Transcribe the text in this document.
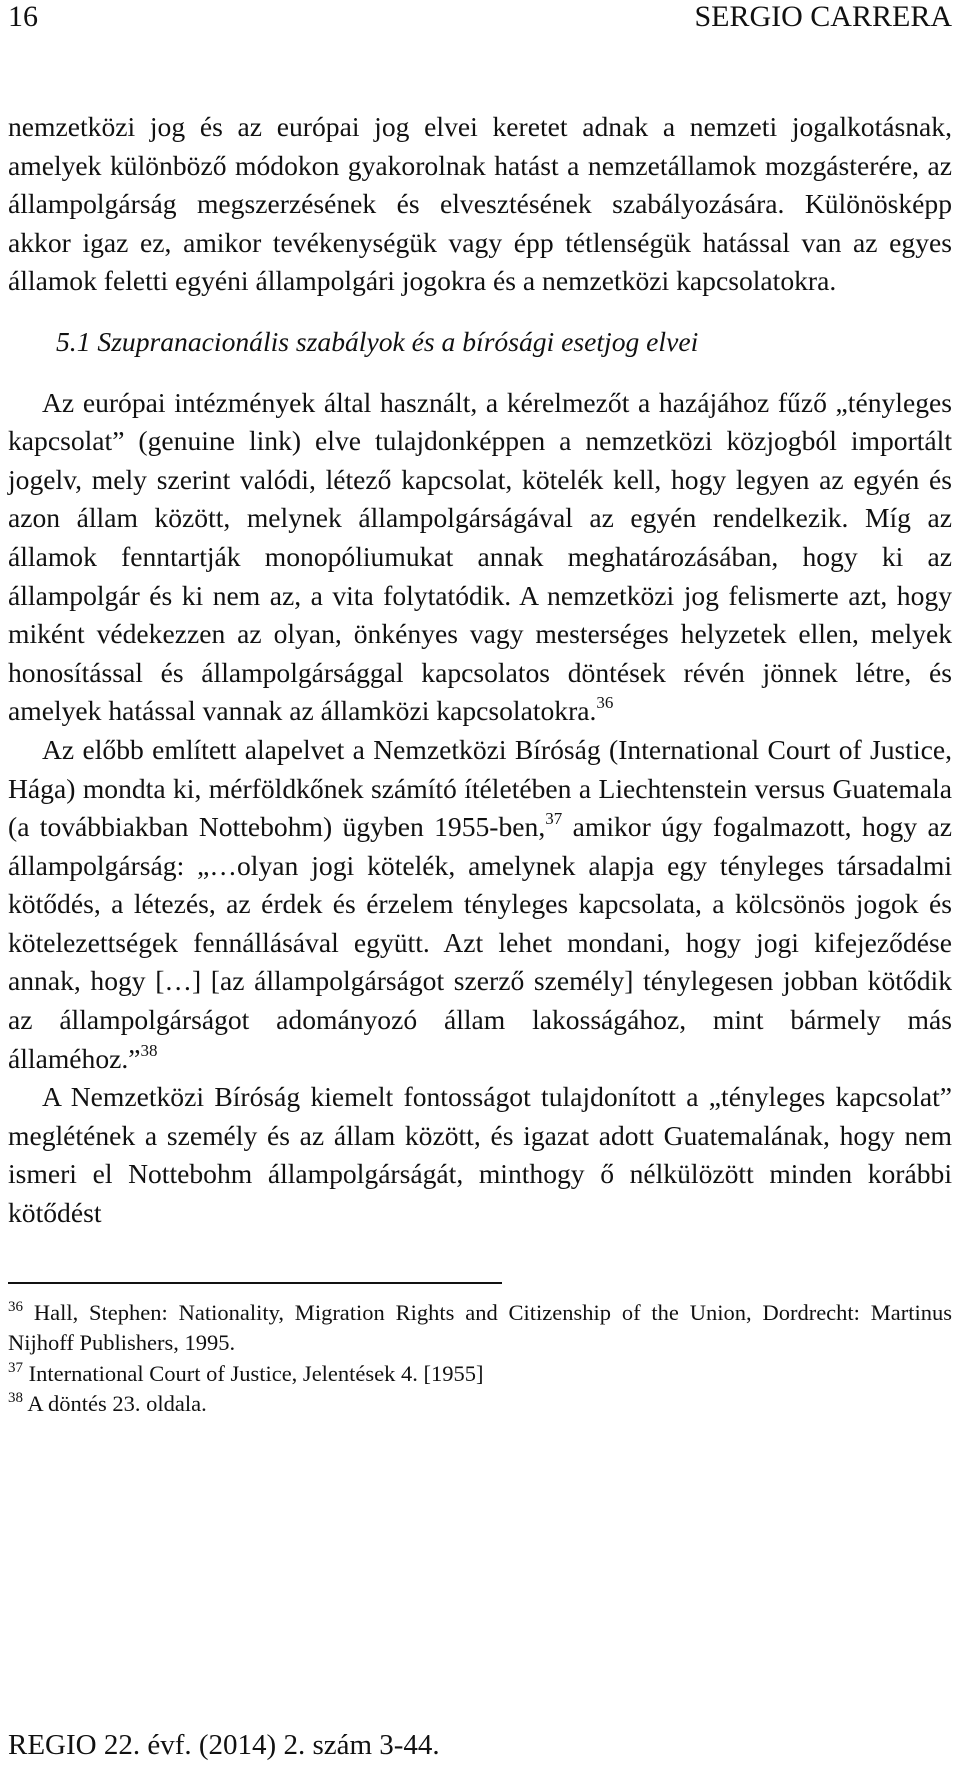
16	SERGIO CARRERA

nemzetközi jog és az európai jog elvei keretet adnak a nemzeti jogalkotásnak, amelyek különböző módokon gyakorolnak hatást a nemzetállamok mozgásterére, az állampolgárság megszerzésének és elvesztésének szabályozására. Különösképp akkor igaz ez, amikor tevékenységük vagy épp tétlenségük hatással van az egyes államok feletti egyéni állampolgári jogokra és a nemzetközi kapcsolatokra.

5.1 Szupranacionális szabályok és a bírósági esetjog elvei

Az európai intézmények által használt, a kérelmezőt a hazájához fűző „tényleges kapcsolat” (genuine link) elve tulajdonképpen a nemzetközi közjogból importált jogelv, mely szerint valódi, létező kapcsolat, kötelék kell, hogy legyen az egyén és azon állam között, melynek állampolgárságával az egyén rendelkezik. Míg az államok fenntartják monopóliumukat annak meghatározásában, hogy ki az állampolgár és ki nem az, a vita folytatódik. A nemzetközi jog felismerte azt, hogy miként védekezzen az olyan, önkényes vagy mesterséges helyzetek ellen, melyek honosítással és állampolgársággal kapcsolatos döntések révén jönnek létre, és amelyek hatással vannak az államközi kapcsolatokra.$^{36}$

Az előbb említett alapelvet a Nemzetközi Bíróság (International Court of Justice, Hága) mondta ki, mérföldkőnek számító ítéletében a Liechtenstein versus Guatemala (a továbbiakban Nottebohm) ügyben 1955-ben,$^{37}$ amikor úgy fogalmazott, hogy az állampolgárság: „…olyan jogi kötelék, amelynek alapja egy tényleges társadalmi kötődés, a létezés, az érdek és érzelem tényleges kapcsolata, a kölcsönös jogok és kötelezettségek fennállásával együtt. Azt lehet mondani, hogy jogi kifejeződése annak, hogy […] [az állampolgárságot szerző személy] ténylegesen jobban kötődik az állampolgárságot adományozó állam lakosságához, mint bármely más államéhoz.”$^{38}$

A Nemzetközi Bíróság kiemelt fontosságot tulajdonított a „tényleges kapcsolat” meglétének a személy és az állam között, és igazat adott Guatemalának, hogy nem ismeri el Nottebohm állampolgárságát, minthogy ő nélkülözött minden korábbi kötődést

$^{36}$ Hall, Stephen: Nationality, Migration Rights and Citizenship of the Union, Dordrecht: Martinus Nijhoff Publishers, 1995.

$^{37}$ International Court of Justice, Jelentések 4. [1955]

$^{38}$ A döntés 23. oldala.

REGIO 22. évf. (2014) 2. szám 3-44.
